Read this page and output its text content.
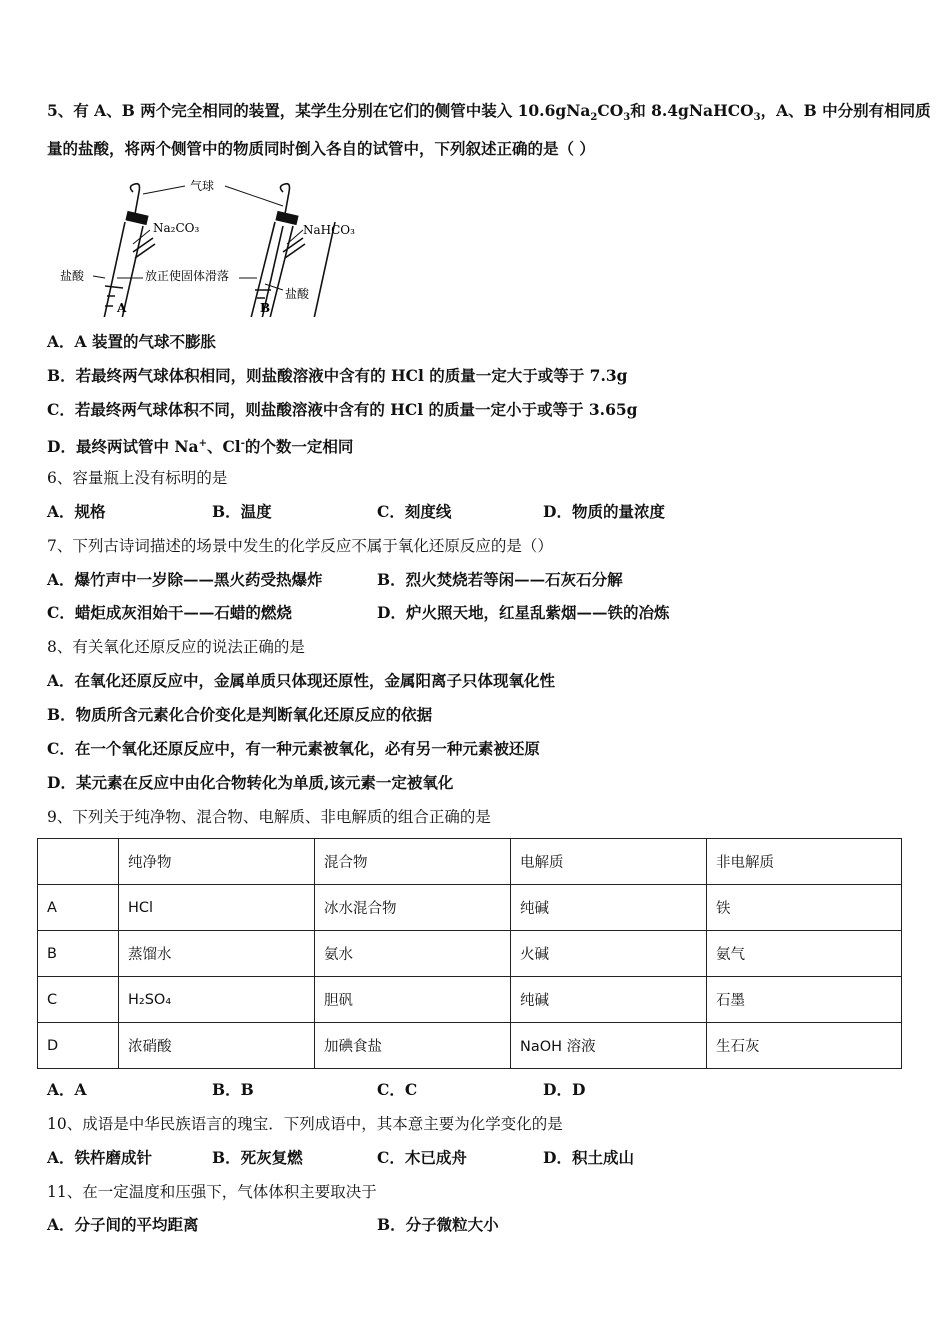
5、有 A、B 两个完全相同的装置，某学生分别在它们的侧管中装入 $10.6gNa_2CO_3$和 8.4gNaHCO$_3$，A、B 中分别有相同质
量的盐酸，将两个侧管中的物质同时倒入各自的试管中，下列叙述正确的是（ ）
气球
Na₂CO₃	NaHCO₃
盐酸	放正使固体滑落
盐酸
A	B
A．A 装置的气球不膨胀
B．若最终两气球体积相同，则盐酸溶液中含有的 HCl 的质量一定大于或等于 7.3g
C．若最终两气球体积不同，则盐酸溶液中含有的 HCl 的质量一定小于或等于 3.65g
D．最终两试管中 Na+、Cl-的个数一定相同
6、容量瓶上没有标明的是
A．规格	B．温度	C．刻度线	D．物质的量浓度
7、下列古诗词描述的场景中发生的化学反应不属于氧化还原反应的是（）
A．爆竹声中一岁除——黑火药受热爆炸	B．烈火焚烧若等闲——石灰石分解
C．蜡炬成灰泪始干——石蜡的燃烧	D．炉火照天地，红星乱紫烟——铁的冶炼
8、有关氧化还原反应的说法正确的是
A．在氧化还原反应中，金属单质只体现还原性，金属阳离子只体现氧化性
B．物质所含元素化合价变化是判断氧化还原反应的依据
C．在一个氧化还原反应中，有一种元素被氧化，必有另一种元素被还原
D．某元素在反应中由化合物转化为单质,该元素一定被氧化
9、下列关于纯净物、混合物、电解质、非电解质的组合正确的是
	纯净物	混合物	电解质	非电解质
A	HCl	冰水混合物	纯碱	铁
B	蒸馏水	氨水	火碱	氨气
C	H₂SO₄	胆矾	纯碱	石墨
D	浓硝酸	加碘食盐	NaOH 溶液	生石灰
A．A	B．B	C．C	D．D
10、成语是中华民族语言的瑰宝．下列成语中，其本意主要为化学变化的是
A．铁杵磨成针	B．死灰复燃	C．木已成舟	D．积土成山
11、在一定温度和压强下，气体体积主要取决于
A．分子间的平均距离	B．分子微粒大小
